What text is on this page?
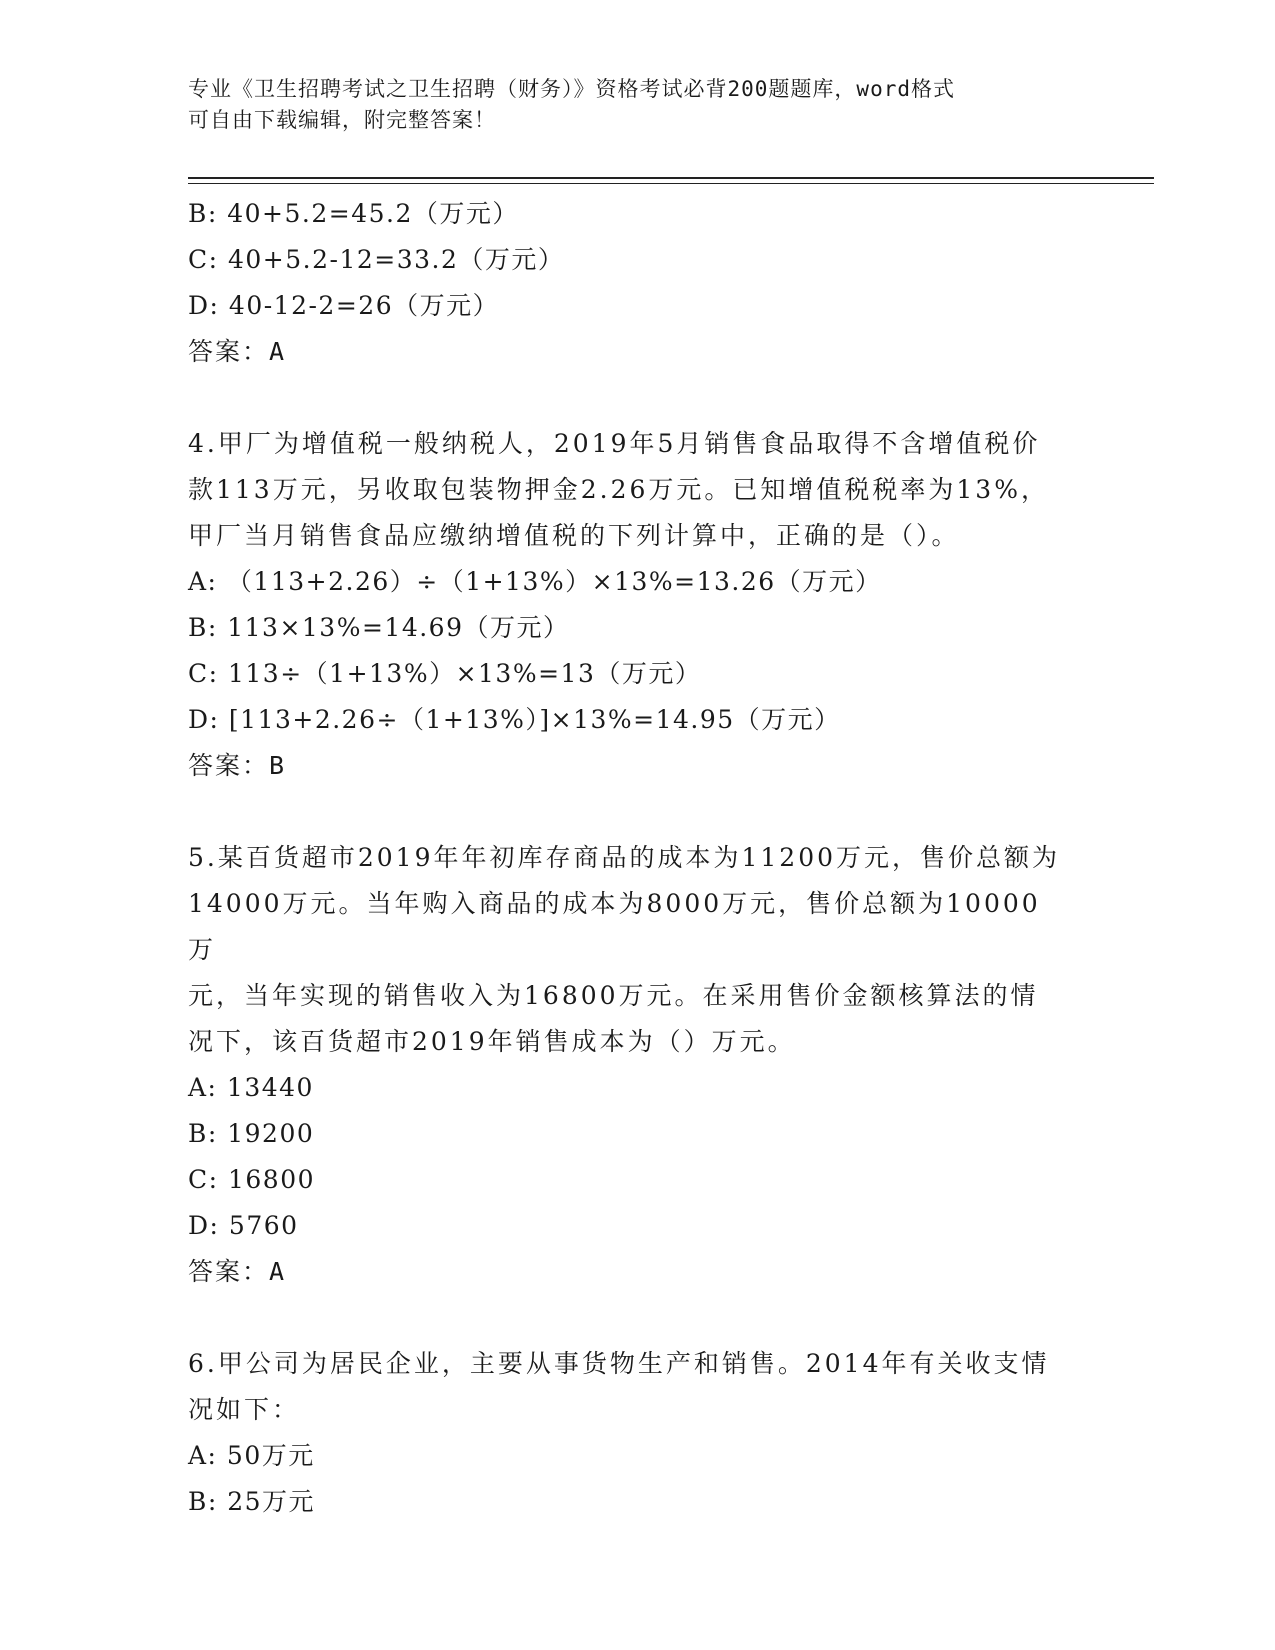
专业《卫生招聘考试之卫生招聘（财务）》资格考试必背200题题库，word格式
可自由下载编辑，附完整答案！
B: 40+5.2=45.2（万元）
C: 40+5.2-12=33.2（万元）
D: 40-12-2=26（万元）
答案：A
4.甲厂为增值税一般纳税人，2019年5月销售食品取得不含增值税价
款113万元，另收取包装物押金2.26万元。已知增值税税率为13%，
甲厂当月销售食品应缴纳增值税的下列计算中，正确的是（）。
A: （113+2.26）÷（1+13%）×13%=13.26（万元）
B: 113×13%=14.69（万元）
C: 113÷（1+13%）×13%=13（万元）
D: [113+2.26÷（1+13%）]×13%=14.95（万元）
答案：B
5.某百货超市2019年年初库存商品的成本为11200万元，售价总额为
14000万元。当年购入商品的成本为8000万元，售价总额为10000万
元，当年实现的销售收入为16800万元。在采用售价金额核算法的情
况下，该百货超市2019年销售成本为（）万元。
A: 13440
B: 19200
C: 16800
D: 5760
答案：A
6.甲公司为居民企业，主要从事货物生产和销售。2014年有关收支情
况如下：
A: 50万元
B: 25万元
